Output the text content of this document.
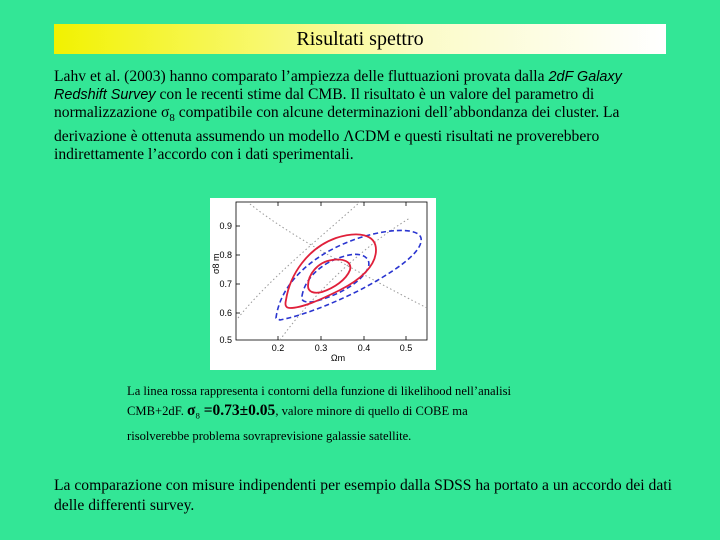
Risultati spettro
Lahv et al. (2003) hanno comparato l’ampiezza delle fluttuazioni provata dalla 2dF Galaxy Redshift Survey con le recenti stime dal CMB. Il risultato è un valore del parametro di normalizzazione $\sigma_8$ compatibile con alcune determinazioni dell’abbondanza dei cluster. La derivazione è ottenuta assumendo un modello ΛCDM e questi risultati ne proverebbero indirettamente l’accordo con i dati sperimentali.
σ8 m
0.9
0.8
0.7
0.6
0.5
0.2	0.3	0.4	0.5
Ωm
La linea rossa rappresenta i contorni della funzione di likelihood nell’analisi
CMB+2dF. $\sigma_8 =0.73\pm 0.05$, valore minore di quello di COBE ma
risolverebbe problema sovraprevisione galassie satellite.
La comparazione con misure indipendenti per esempio dalla SDSS ha portato a un accordo dei dati delle differenti survey.
